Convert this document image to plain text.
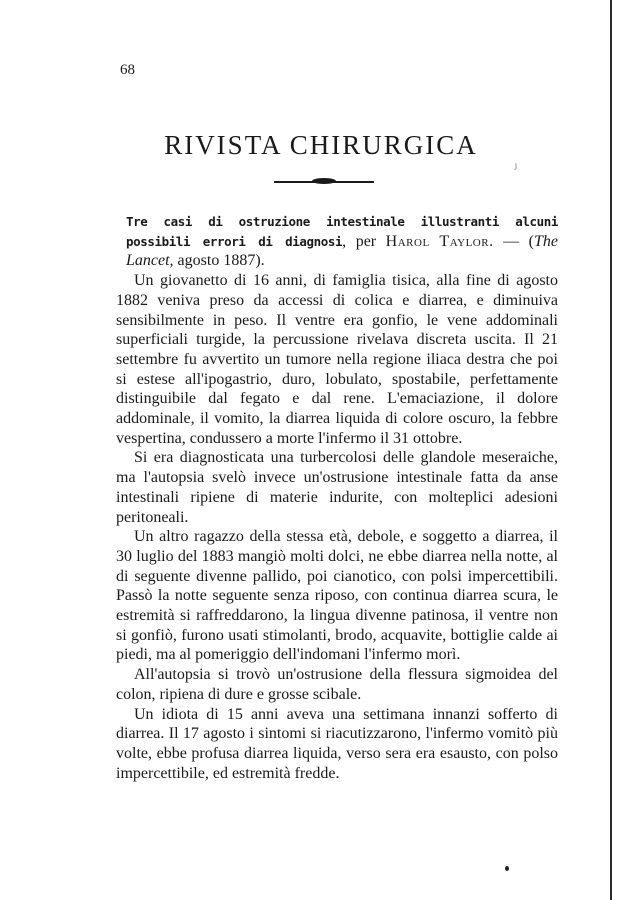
68
RIVISTA CHIRURGICA
ⱼ

Tre casi di ostruzione intestinale illustranti alcuni possibili errori di diagnosi, per Harol Taylor. — (The Lancet, agosto 1887).

Un giovanetto di 16 anni, di famiglia tisica, alla fine di agosto 1882 veniva preso da accessi di colica e diarrea, e diminuiva sensibilmente in peso. Il ventre era gonfio, le vene addominali superficiali turgide, la percussione rivelava discreta uscita. Il 21 settembre fu avvertito un tumore nella regione iliaca destra che poi si estese all'ipogastrio, duro, lobulato, spostabile, perfettamente distinguibile dal fegato e dal rene. L'emaciazione, il dolore addominale, il vomito, la diarrea liquida di colore oscuro, la febbre vespertina, condussero a morte l'infermo il 31 ottobre.

Si era diagnosticata una turbercolosi delle glandole meseraiche, ma l'autopsia svelò invece un'ostrusione intestinale fatta da anse intestinali ripiene di materie indurite, con molteplici adesioni peritoneali.

Un altro ragazzo della stessa età, debole, e soggetto a diarrea, il 30 luglio del 1883 mangiò molti dolci, ne ebbe diarrea nella notte, al di seguente divenne pallido, poi cianotico, con polsi impercettibili. Passò la notte seguente senza riposo, con continua diarrea scura, le estremità si raffreddarono, la lingua divenne patinosa, il ventre non si gonfiò, furono usati stimolanti, brodo, acquavite, bottiglie calde ai piedi, ma al pomeriggio dell'indomani l'infermo morì.

All'autopsia si trovò un'ostrusione della flessura sigmoidea del colon, ripiena di dure e grosse scibale.

Un idiota di 15 anni aveva una settimana innanzi sofferto di diarrea. Il 17 agosto i sintomi si riacutizzarono, l'infermo vomitò più volte, ebbe profusa diarrea liquida, verso sera era esausto, con polso impercettibile, ed estremità fredde.
